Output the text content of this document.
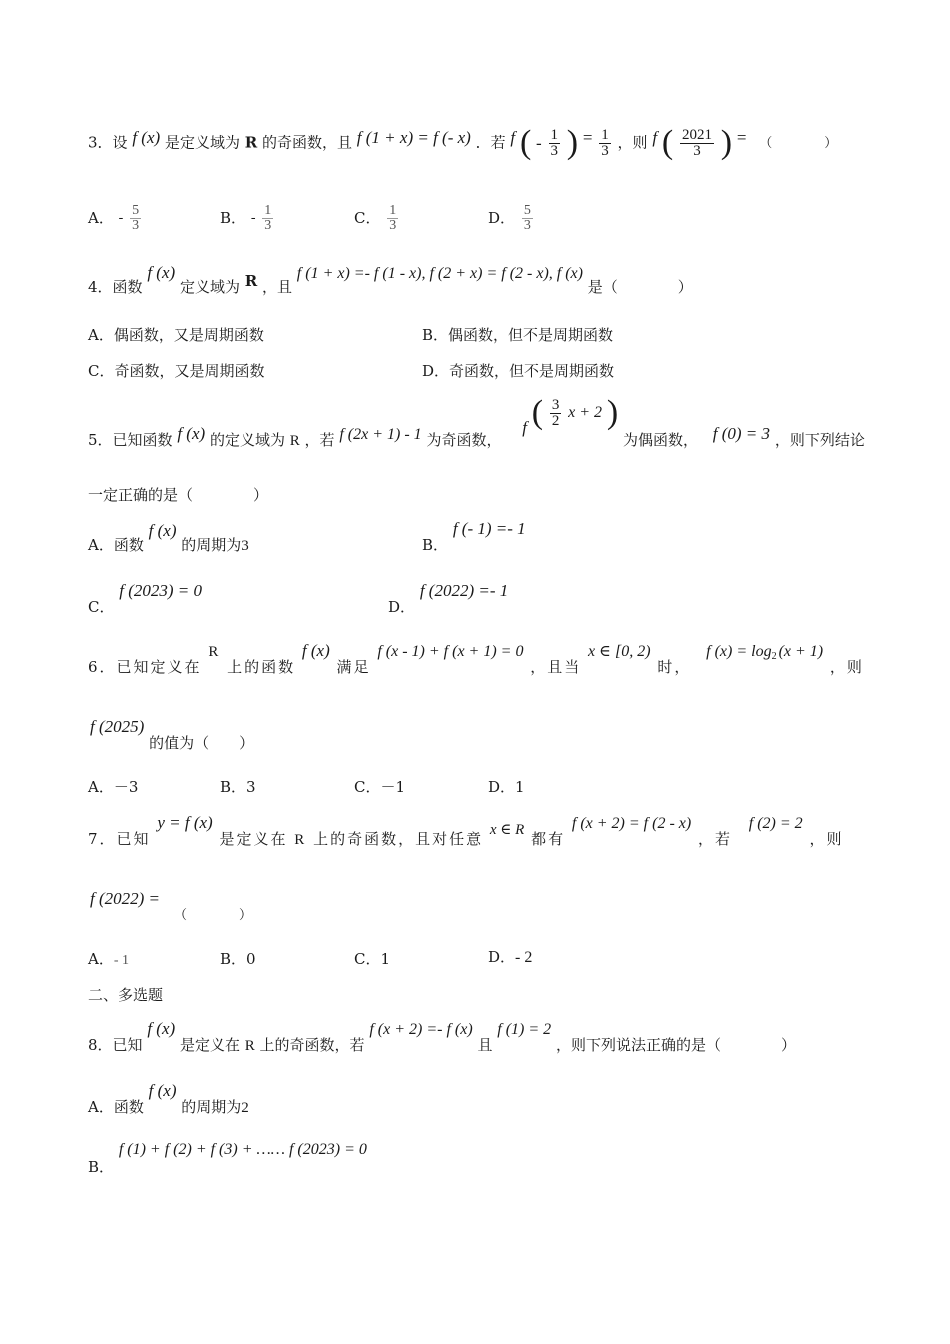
3．设 f (x) 是定义域为 R 的奇函数，且 f (1 + x) = f (- x) ．若 f ( - $\frac{1}{3}$ ) = $\frac{1}{3}$ ，则 f ( $\frac{2021}{3}$ ) = （　　　　）
A． - $\frac{5}{3}$	B． - $\frac{1}{3}$	C． $\frac{1}{3}$	D． $\frac{5}{3}$
4．函数 f (x) 定义域为 R ，且 f (1 + x) =- f (1 - x), f (2 + x) = f (2 - x), f (x) 是（　　　　）
A．偶函数，又是周期函数	B．偶函数，但不是周期函数
C．奇函数，又是周期函数	D．奇函数，但不是周期函数
5．已知函数 f (x) 的定义域为 R ，若 f (2x + 1) - 1 为奇函数， f ( $\frac{3}{2}$ x + 2 ) 为偶函数， f (0) = 3 ，则下列结论
一定正确的是（　　　　）
A．函数 f (x) 的周期为3	B． f (- 1) =- 1
C． f (2023) = 0
D． f (2022) =- 1
6．已知定义在 R 上的函数 f (x) 满足 f (x - 1) + f (x + 1) = 0 ，且当 x ∈ [0, 2) 时， f $(x) = \log_2(x + 1)$ ，则
f (2025) 的值为（　　）
A．－3	B．3	C．－1	D．1
7．已知 y = f (x) 是定义在 R 上的奇函数，且对任意 x ∈ R 都有 f (x + 2) = f (2 - x) ，若 f (2) = 2 ，则
f (2022) =
（　　　　）
A．- 1	B．0	C．1	D．- 2
二、多选题
8．已知 f (x) 是定义在 R 上的奇函数，若 f (x + 2) =- f (x) 且 f (1) = 2 ，则下列说法正确的是（　　　　）
A．函数 f (x) 的周期为2
B． f (1) + f (2) + f (3) + …… f (2023) = 0
